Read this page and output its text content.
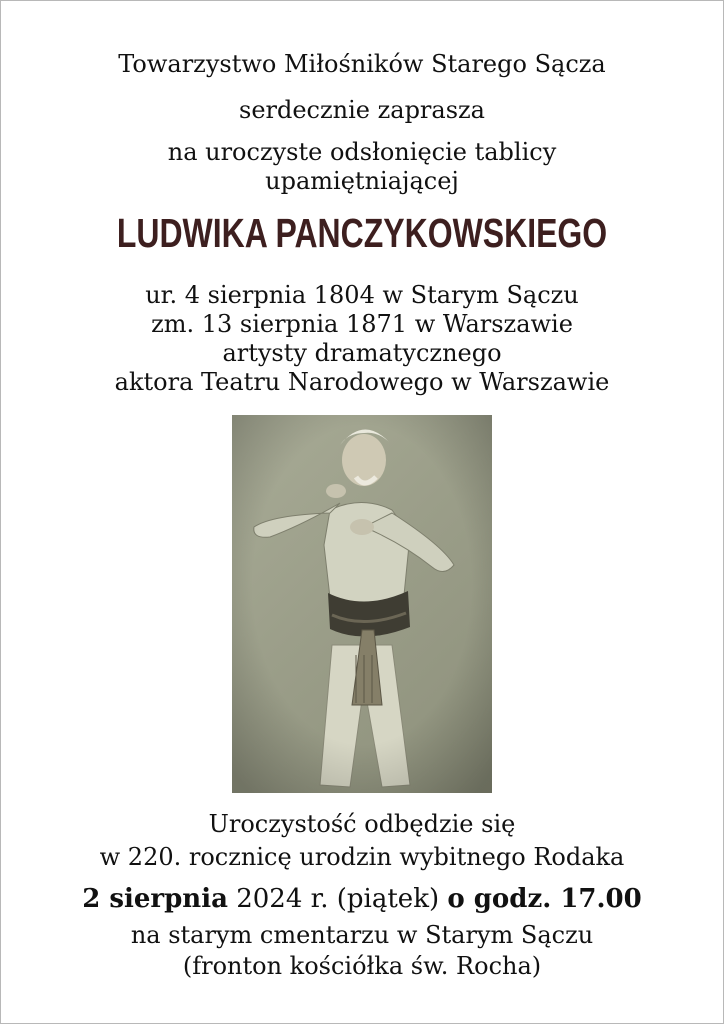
Towarzystwo Miłośników Starego Sącza
serdecznie zaprasza
na uroczyste odsłonięcie tablicy
upamiętniającej
LUDWIKA PANCZYKOWSKIEGO
ur. 4 sierpnia 1804 w Starym Sączu
zm. 13 sierpnia 1871 w Warszawie
artysty dramatycznego
aktora Teatru Narodowego w Warszawie
Uroczystość odbędzie się
w 220. rocznicę urodzin wybitnego Rodaka
2 sierpnia 2024 r. (piątek) o godz. 17.00
na starym cmentarzu w Starym Sączu
(fronton kościółka św. Rocha)
